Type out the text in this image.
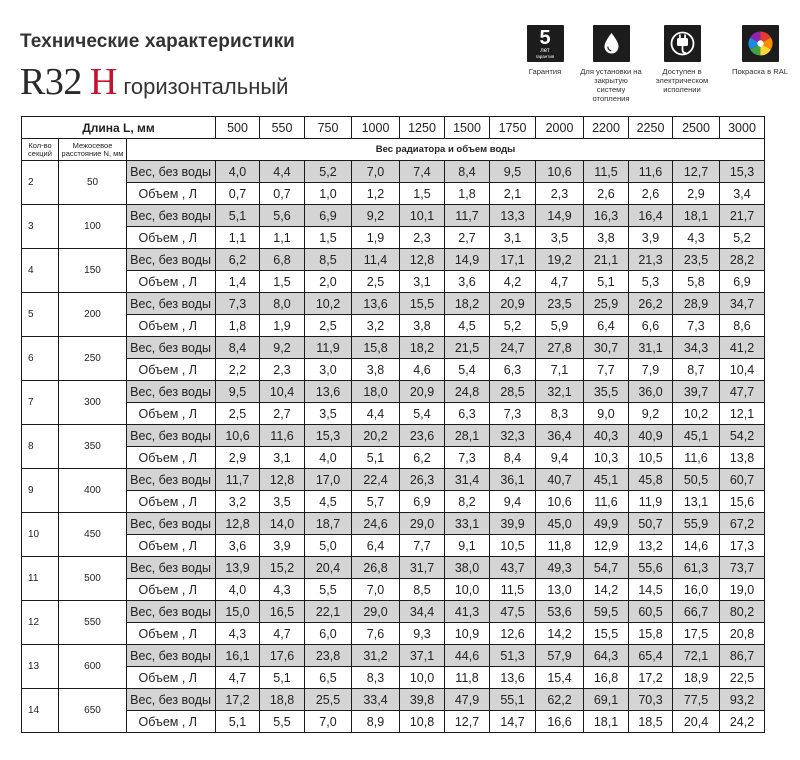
Технические характеристики
R32 H горизонтальный
5
лет
гарантия
Гарантия	Для установки на закрытую систему отопления
Доступен в электрическом исполении
Покраска в RAL
Длина L, мм			500	550	750	1000	1250	1500	1750	2000	2200	2250	2500	3000
Кол-во секций	Межосевое расстояние N, мм	Вес радиатора и объем воды												
2	50	Вес, без воды	4,0	4,4	5,2	7,0	7,4	8,4	9,5	10,6	11,5	11,6	12,7	15,3
		Объем , Л	0,7	0,7	1,0	1,2	1,5	1,8	2,1	2,3	2,6	2,6	2,9	3,4
3	100	Вес, без воды	5,1	5,6	6,9	9,2	10,1	11,7	13,3	14,9	16,3	16,4	18,1	21,7
		Объем , Л	1,1	1,1	1,5	1,9	2,3	2,7	3,1	3,5	3,8	3,9	4,3	5,2
4	150	Вес, без воды	6,2	6,8	8,5	11,4	12,8	14,9	17,1	19,2	21,1	21,3	23,5	28,2
		Объем , Л	1,4	1,5	2,0	2,5	3,1	3,6	4,2	4,7	5,1	5,3	5,8	6,9
5	200	Вес, без воды	7,3	8,0	10,2	13,6	15,5	18,2	20,9	23,5	25,9	26,2	28,9	34,7
		Объем , Л	1,8	1,9	2,5	3,2	3,8	4,5	5,2	5,9	6,4	6,6	7,3	8,6
6	250	Вес, без воды	8,4	9,2	11,9	15,8	18,2	21,5	24,7	27,8	30,7	31,1	34,3	41,2
		Объем , Л	2,2	2,3	3,0	3,8	4,6	5,4	6,3	7,1	7,7	7,9	8,7	10,4
7	300	Вес, без воды	9,5	10,4	13,6	18,0	20,9	24,8	28,5	32,1	35,5	36,0	39,7	47,7
		Объем , Л	2,5	2,7	3,5	4,4	5,4	6,3	7,3	8,3	9,0	9,2	10,2	12,1
8	350	Вес, без воды	10,6	11,6	15,3	20,2	23,6	28,1	32,3	36,4	40,3	40,9	45,1	54,2
		Объем , Л	2,9	3,1	4,0	5,1	6,2	7,3	8,4	9,4	10,3	10,5	11,6	13,8
9	400	Вес, без воды	11,7	12,8	17,0	22,4	26,3	31,4	36,1	40,7	45,1	45,8	50,5	60,7
		Объем , Л	3,2	3,5	4,5	5,7	6,9	8,2	9,4	10,6	11,6	11,9	13,1	15,6
10	450	Вес, без воды	12,8	14,0	18,7	24,6	29,0	33,1	39,9	45,0	49,9	50,7	55,9	67,2
		Объем , Л	3,6	3,9	5,0	6,4	7,7	9,1	10,5	11,8	12,9	13,2	14,6	17,3
11	500	Вес, без воды	13,9	15,2	20,4	26,8	31,7	38,0	43,7	49,3	54,7	55,6	61,3	73,7
		Объем , Л	4,0	4,3	5,5	7,0	8,5	10,0	11,5	13,0	14,2	14,5	16,0	19,0
12	550	Вес, без воды	15,0	16,5	22,1	29,0	34,4	41,3	47,5	53,6	59,5	60,5	66,7	80,2
		Объем , Л	4,3	4,7	6,0	7,6	9,3	10,9	12,6	14,2	15,5	15,8	17,5	20,8
13	600	Вес, без воды	16,1	17,6	23,8	31,2	37,1	44,6	51,3	57,9	64,3	65,4	72,1	86,7
		Объем , Л	4,7	5,1	6,5	8,3	10,0	11,8	13,6	15,4	16,8	17,2	18,9	22,5
14	650	Вес, без воды	17,2	18,8	25,5	33,4	39,8	47,9	55,1	62,2	69,1	70,3	77,5	93,2
		Объем , Л	5,1	5,5	7,0	8,9	10,8	12,7	14,7	16,6	18,1	18,5	20,4	24,2
